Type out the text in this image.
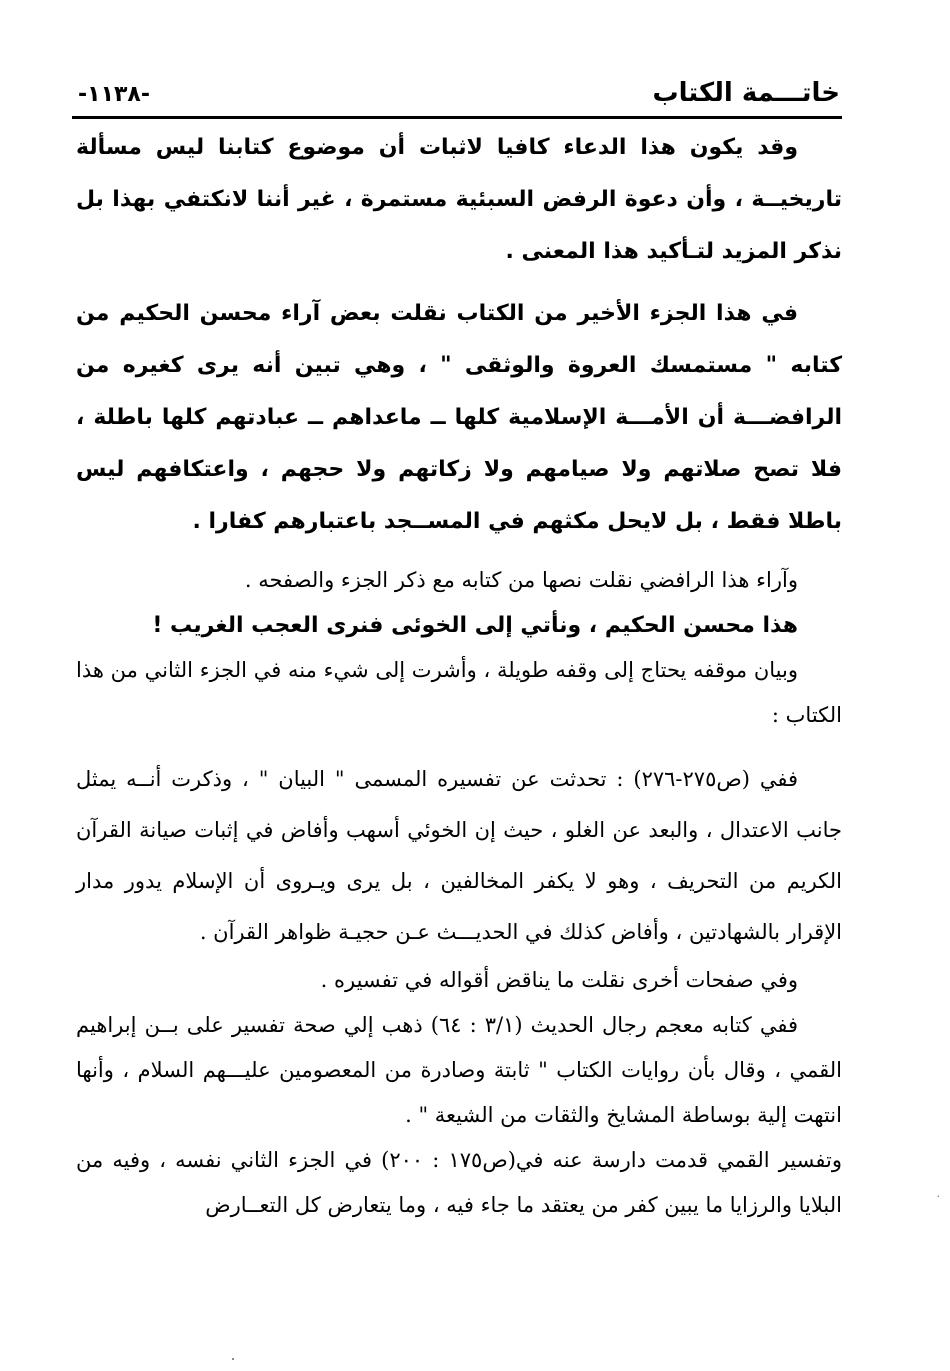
خاتـــمة الكتاب
-١١٣٨-

وقد يكون هذا الدعاء كافيا لاثبات أن موضوع كتابنا ليس مسألة تاريخيــة ، وأن دعوة الرفض السبئية مستمرة ، غير أننا لانكتفي بهذا بل نذكر المزيد لتـأكيد هذا المعنى .

في هذا الجزء الأخير من الكتاب نقلت بعض آراء محسن الحكيم من كتابه " مستمسك العروة والوثقى " ، وهي تبين أنه يرى كغيره من الرافضـــة أن الأمـــة الإسلامية كلها ــ ماعداهم ــ عبادتهم كلها باطلة ، فلا تصح صلاتهم ولا صيامهم ولا زكاتهم ولا حجهم ، واعتكافهم ليس باطلا فقط ، بل لايحل مكثهم في المســجد باعتبارهم كفارا .

وآراء هذا الرافضي نقلت نصها من كتابه مع ذكر الجزء والصفحه .

هذا محسن الحكيم ، ونأتي إلى الخوئى فنرى العجب الغريب !

وبيان موقفه يحتاج إلى وقفه طويلة ، وأشرت إلى شيء منه في الجزء الثاني من هذا الكتاب :

ففي (ص٢٧٥-٢٧٦) : تحدثت عن تفسيره المسمى " البيان " ، وذكرت أنــه يمثل جانب الاعتدال ، والبعد عن الغلو ، حيث إن الخوئي أسهب وأفاض في إثبات صيانة القرآن الكريم من التحريف ، وهو لا يكفر المخالفين ، بل يرى ويـروى أن الإسلام يدور مدار الإقرار بالشهادتين ، وأفاض كذلك في الحديـــث عـن حجيـة ظواهر القرآن .

وفي صفحات أخرى نقلت ما يناقض أقواله في تفسيره .

ففي كتابه معجم رجال الحديث (٣/١ : ٦٤) ذهب إلي صحة تفسير على بــن إبراهيم القمي ، وقال بأن روايات الكتاب " ثابتة وصادرة من المعصومين عليـــهم السلام ، وأنها انتهت إلية بوساطة المشايخ والثقات من الشيعة " .

وتفسير القمي قدمت دارسة عنه في(ص١٧٥ : ٢٠٠) في الجزء الثاني نفسه ، وفيه من البلايا والرزايا ما يبين كفر من يعتقد ما جاء فيه ، وما يتعارض كل التعــارض	·
